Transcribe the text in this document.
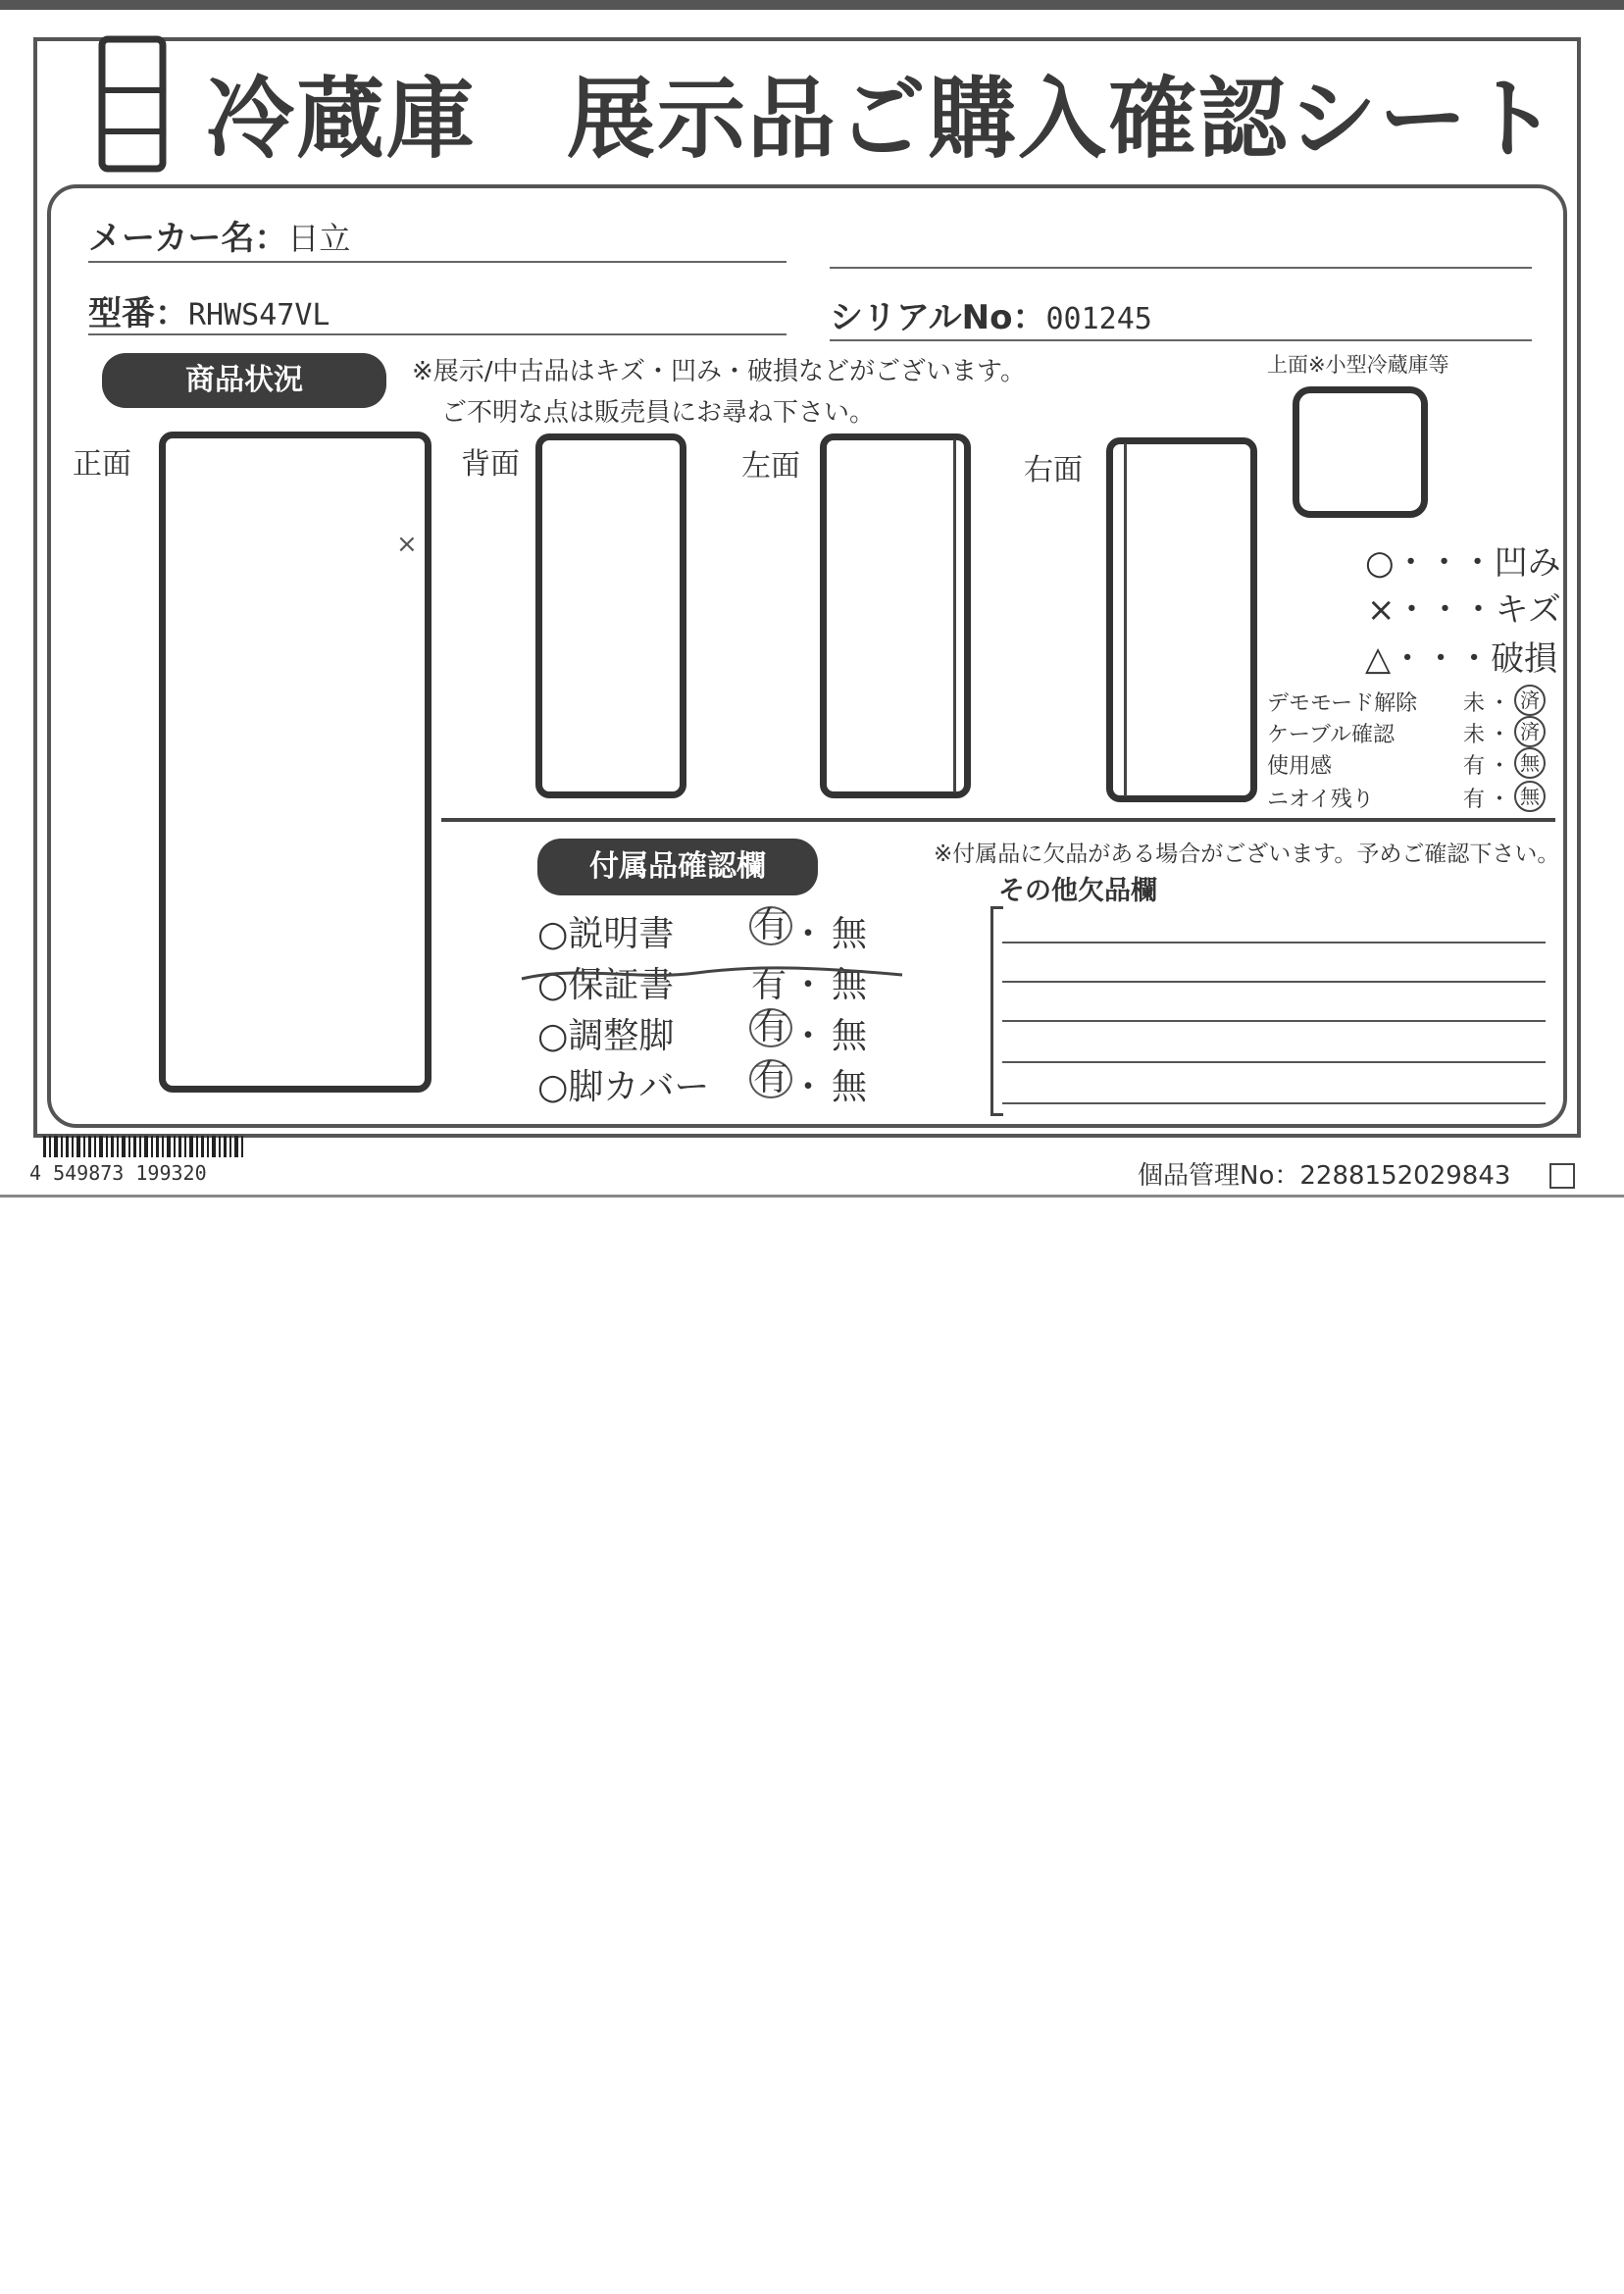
冷蔵庫　展示品ご購入確認シート
メーカー名：日立
型番：RHWS47VL	シリアルNo：001245
商品状況	※展示/中古品はキズ・凹み・破損などがございます。
ご不明な点は販売員にお尋ね下さい。
上面※小型冷蔵庫等
正面
×
背面	左面	右面
○・・・凹み
×・・・キズ
△・・・破損
デモモード解除 未 ・ 済
ケーブル確認	未 ・ 済
使用感	有 ・ 無
ニオイ残り	有 ・ 無
付属品確認欄	※付属品に欠品がある場合がございます。予めご確認下さい。
その他欠品欄
○説明書 有 ・ 無
○保証書 有 ・ 無
○調整脚 有 ・ 無
○脚カバー 有 ・ 無
4 549873 199320	個品管理No：2288152029843
